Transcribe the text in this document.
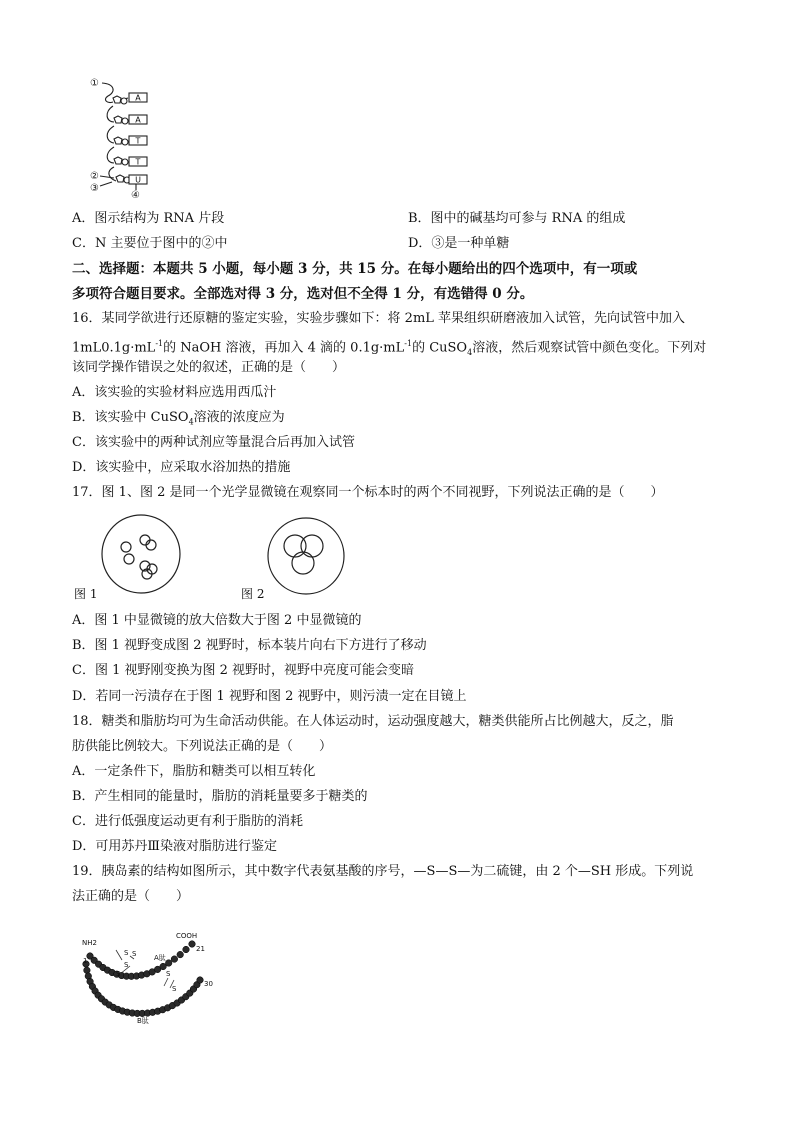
A
A
T
T
U
①
②
③
④
A．图示结构为 RNA 片段	B．图中的碱基均可参与 RNA 的组成
C．N 主要位于图中的②中	D．③是一种单糖
二、选择题：本题共 5 小题，每小题 3 分，共 15 分。在每小题给出的四个选项中，有一项或
多项符合题目要求。全部选对得 3 分，选对但不全得 1 分，有选错得 0 分。
16．某同学欲进行还原糖的鉴定实验，实验步骤如下：将 2mL 苹果组织研磨液加入试管，先向试管中加入
$1mL0.1g\cdot mL^{-1}$的 NaOH 溶液，再加入 4 滴的 $0.1g\cdot mL^{-1}$的 CuSO$_4$溶液，然后观察试管中颜色变化。下列对
该同学操作错误之处的叙述，正确的是（　　）
A．该实验的实验材料应选用西瓜汁
B．该实验中 CuSO$_4$溶液的浓度应为
C．该实验中的两种试剂应等量混合后再加入试管
D．该实验中，应采取水浴加热的措施
17．图 1、图 2 是同一个光学显微镜在观察同一个标本时的两个不同视野，下列说法正确的是（　　）
图 1	图 2
A．图 1 中显微镜的放大倍数大于图 2 中显微镜的
B．图 1 视野变成图 2 视野时，标本装片向右下方进行了移动
C．图 1 视野刚变换为图 2 视野时，视野中亮度可能会变暗
D．若同一污渍存在于图 1 视野和图 2 视野中，则污渍一定在目镜上
18．糖类和脂肪均可为生命活动供能。在人体运动时，运动强度越大，糖类供能所占比例越大，反之，脂
肪供能比例较大。下列说法正确的是（　　）
A．一定条件下，脂肪和糖类可以相互转化
B．产生相同的能量时，脂肪的消耗量要多于糖类的
C．进行低强度运动更有利于脂肪的消耗
D．可用苏丹Ⅲ染液对脂肪进行鉴定
19．胰岛素的结构如图所示，其中数字代表氨基酸的序号，—S—S—为二硫键，由 2 个—SH 形成。下列说
法正确的是（　　）
NH2
COOH
1
21
30
A肽
B肽
S S
S
S	S
S
